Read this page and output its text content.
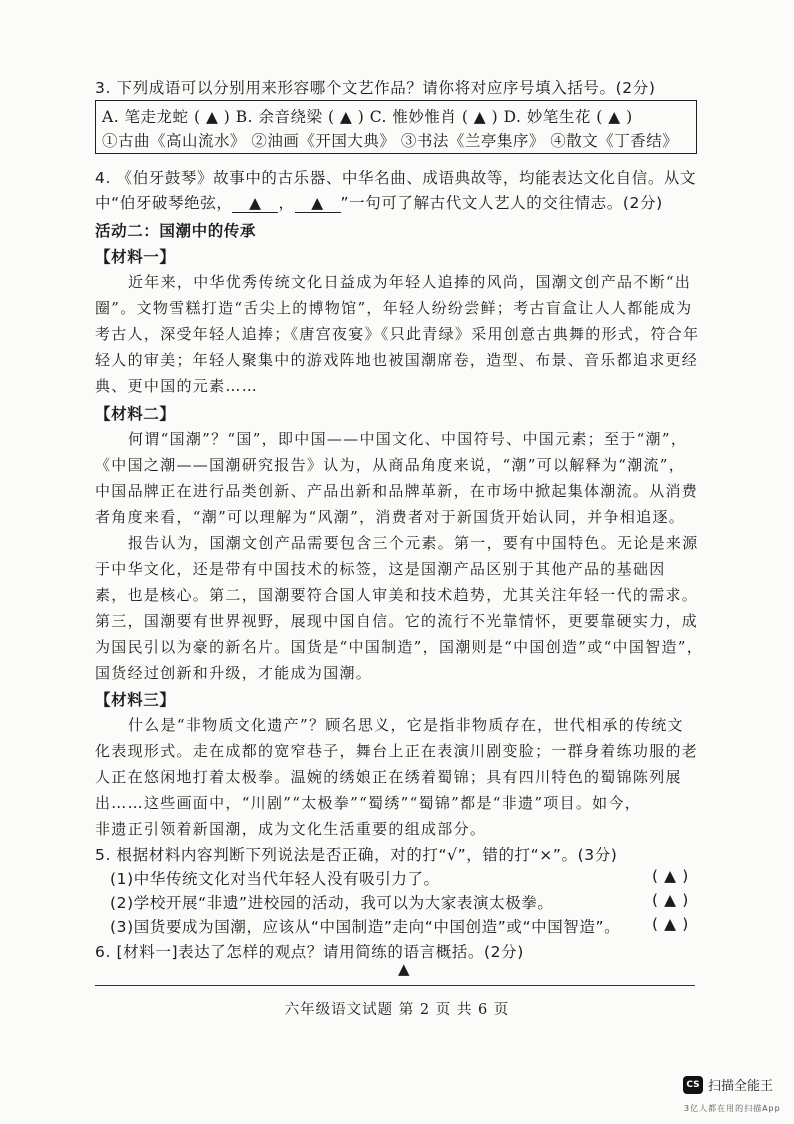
3. 下列成语可以分别用来形容哪个文艺作品？请你将对应序号填入括号。(2分)
A. 笔走龙蛇 ( ▲ ) B. 余音绕梁 ( ▲ ) C. 惟妙惟肖 ( ▲ ) D. 妙笔生花 ( ▲ )
①古曲《高山流水》 ②油画《开国大典》 ③书法《兰亭集序》 ④散文《丁香结》
4. 《伯牙鼓琴》故事中的古乐器、中华名曲、成语典故等，均能表达文化自信。从文
中“伯牙破琴绝弦， ▲ ， ▲ ”一句可了解古代文人艺人的交往情志。(2分)
活动二：国潮中的传承
【材料一】
近年来，中华优秀传统文化日益成为年轻人追捧的风尚，国潮文创产品不断“出
圈”。文物雪糕打造“舌尖上的博物馆”，年轻人纷纷尝鲜；考古盲盒让人人都能成为
考古人，深受年轻人追捧；《唐宫夜宴》《只此青绿》采用创意古典舞的形式，符合年
轻人的审美；年轻人聚集中的游戏阵地也被国潮席卷，造型、布景、音乐都追求更经
典、更中国的元素……
【材料二】
何谓“国潮”？“国”，即中国——中国文化、中国符号、中国元素；至于“潮”，
《中国之潮——国潮研究报告》认为，从商品角度来说，“潮”可以解释为“潮流”，
中国品牌正在进行品类创新、产品出新和品牌革新，在市场中掀起集体潮流。从消费
者角度来看，“潮”可以理解为“风潮”，消费者对于新国货开始认同，并争相追逐。
报告认为，国潮文创产品需要包含三个元素。第一，要有中国特色。无论是来源
于中华文化，还是带有中国技术的标签，这是国潮产品区别于其他产品的基础因
素，也是核心。第二，国潮要符合国人审美和技术趋势，尤其关注年轻一代的需求。
第三，国潮要有世界视野，展现中国自信。它的流行不光靠情怀，更要靠硬实力，成
为国民引以为豪的新名片。国货是“中国制造”，国潮则是“中国创造”或“中国智造”，
国货经过创新和升级，才能成为国潮。
【材料三】
什么是“非物质文化遗产”？顾名思义，它是指非物质存在，世代相承的传统文
化表现形式。走在成都的宽窄巷子，舞台上正在表演川剧变脸；一群身着练功服的老
人正在悠闲地打着太极拳。温婉的绣娘正在绣着蜀锦；具有四川特色的蜀锦陈列展
出……这些画面中，“川剧”“太极拳”“蜀绣”“蜀锦”都是“非遗”项目。如今，
非遗正引领着新国潮，成为文化生活重要的组成部分。
5. 根据材料内容判断下列说法是否正确，对的打“√”，错的打“×”。(3分)
(1)中华传统文化对当代年轻人没有吸引力了。	( ▲ )
(2)学校开展“非遗”进校园的活动，我可以为大家表演太极拳。	( ▲ )
(3)国货要成为国潮，应该从“中国制造”走向“中国创造”或“中国智造”。 ( ▲ )
6. [材料一]表达了怎样的观点？请用简练的语言概括。(2分)
▲
六年级语文试题 第 2 页 共 6 页
CS 扫描全能王
3亿人都在用的扫描App
